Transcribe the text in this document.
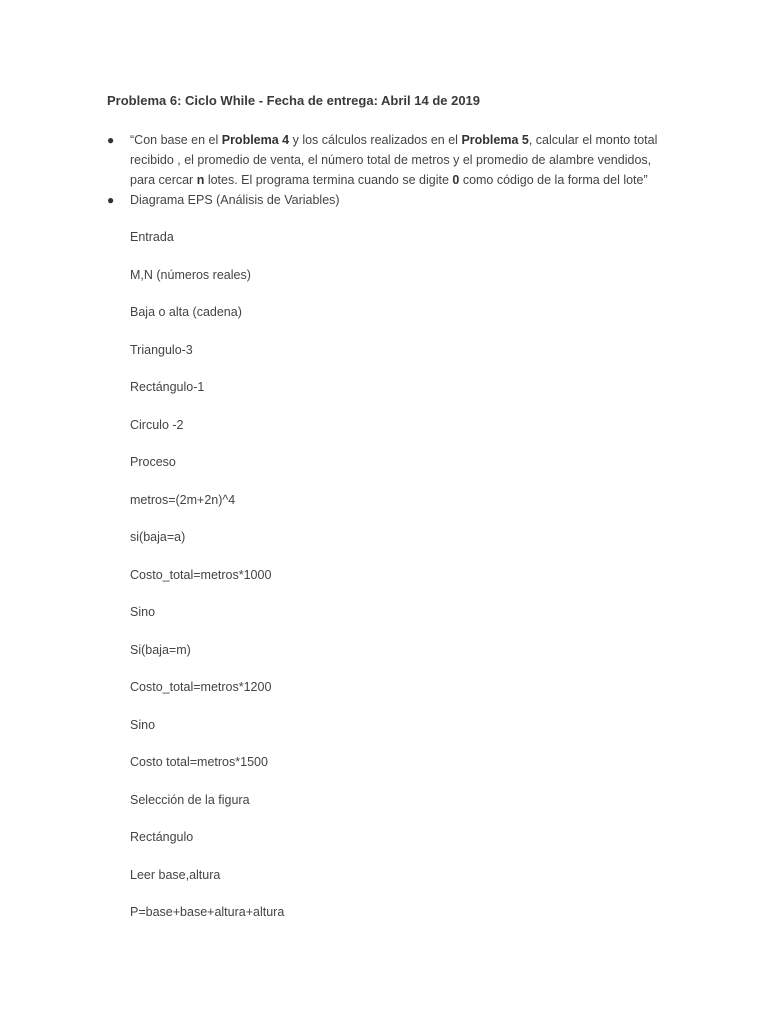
Problema 6: Ciclo While - Fecha de entrega: Abril 14 de 2019
● “Con base en el Problema 4 y los cálculos realizados en el Problema 5, calcular el monto total recibido , el promedio de venta, el número total de metros y el promedio de alambre vendidos, para cercar n lotes. El programa termina cuando se digite 0 como código de la forma del lote”
● Diagrama EPS (Análisis de Variables)
Entrada
M,N (números reales)
Baja o alta (cadena)
Triangulo-3
Rectángulo-1
Circulo -2
Proceso
metros=(2m+2n)^4
si(baja=a)
Costo_total=metros*1000
Sino
Si(baja=m)
Costo_total=metros*1200
Sino
Costo total=metros*1500
Selección de la figura
Rectángulo
Leer base,altura
P=base+base+altura+altura
